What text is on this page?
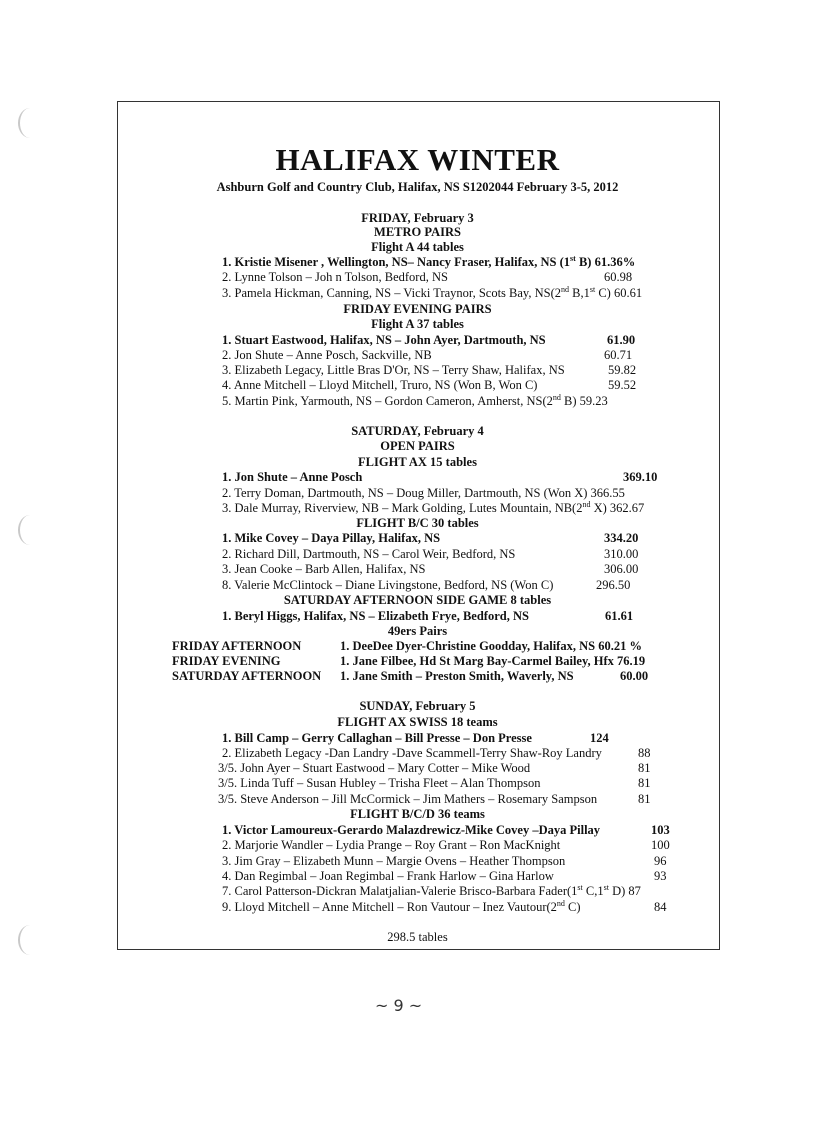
HALIFAX WINTER
Ashburn Golf and Country Club, Halifax, NS S1202044 February 3-5, 2012
FRIDAY, February 3
METRO PAIRS
Flight A 44 tables
1. Kristie Misener , Wellington, NS– Nancy Fraser, Halifax, NS (1st B) 61.36%
2. Lynne Tolson – Joh n Tolson, Bedford, NS	60.98
3. Pamela Hickman, Canning, NS – Vicki Traynor, Scots Bay, NS(2nd B,1st C) 60.61
FRIDAY EVENING PAIRS
Flight A 37 tables
1. Stuart Eastwood, Halifax, NS – John Ayer, Dartmouth, NS	61.90
2. Jon Shute – Anne Posch, Sackville, NB	60.71
3. Elizabeth Legacy, Little Bras D'Or, NS – Terry Shaw, Halifax, NS	59.82
4. Anne Mitchell – Lloyd Mitchell, Truro, NS (Won B, Won C)	59.52
5. Martin Pink, Yarmouth, NS – Gordon Cameron, Amherst, NS(2nd B) 59.23
SATURDAY, February 4
OPEN PAIRS
FLIGHT AX 15 tables
1. Jon Shute – Anne Posch	369.10
2. Terry Doman, Dartmouth, NS – Doug Miller, Dartmouth, NS (Won X) 366.55
3. Dale Murray, Riverview, NB – Mark Golding, Lutes Mountain, NB(2nd X) 362.67
FLIGHT B/C 30 tables
1. Mike Covey – Daya Pillay, Halifax, NS	334.20
2. Richard Dill, Dartmouth, NS – Carol Weir, Bedford, NS	310.00
3. Jean Cooke – Barb Allen, Halifax, NS	306.00
8. Valerie McClintock – Diane Livingstone, Bedford, NS (Won C)	296.50
SATURDAY AFTERNOON SIDE GAME 8 tables
1. Beryl Higgs, Halifax, NS – Elizabeth Frye, Bedford, NS	61.61
49ers Pairs
FRIDAY AFTERNOON	1. DeeDee Dyer-Christine Goodday, Halifax, NS 60.21 %
FRIDAY EVENING	1. Jane Filbee, Hd St Marg Bay-Carmel Bailey, Hfx 76.19
SATURDAY AFTERNOON 1. Jane Smith – Preston Smith, Waverly, NS	60.00
SUNDAY, February 5
FLIGHT AX SWISS 18 teams
1. Bill Camp – Gerry Callaghan – Bill Presse – Don Presse	124
2. Elizabeth Legacy -Dan Landry -Dave Scammell-Terry Shaw-Roy Landry	88
3/5. John Ayer – Stuart Eastwood – Mary Cotter – Mike Wood	81
3/5. Linda Tuff – Susan Hubley – Trisha Fleet – Alan Thompson	81
3/5. Steve Anderson – Jill McCormick – Jim Mathers – Rosemary Sampson	81
FLIGHT B/C/D 36 teams
1. Victor Lamoureux-Gerardo Malazdrewicz-Mike Covey –Daya Pillay	103
2. Marjorie Wandler – Lydia Prange – Roy Grant – Ron MacKnight	100
3. Jim Gray – Elizabeth Munn – Margie Ovens – Heather Thompson	96
4. Dan Regimbal – Joan Regimbal – Frank Harlow – Gina Harlow	93
7. Carol Patterson-Dickran Malatjalian-Valerie Brisco-Barbara Fader(1st C,1st D) 87
9. Lloyd Mitchell – Anne Mitchell – Ron Vautour – Inez Vautour(2nd C)	84
298.5 tables
~ 9 ~
